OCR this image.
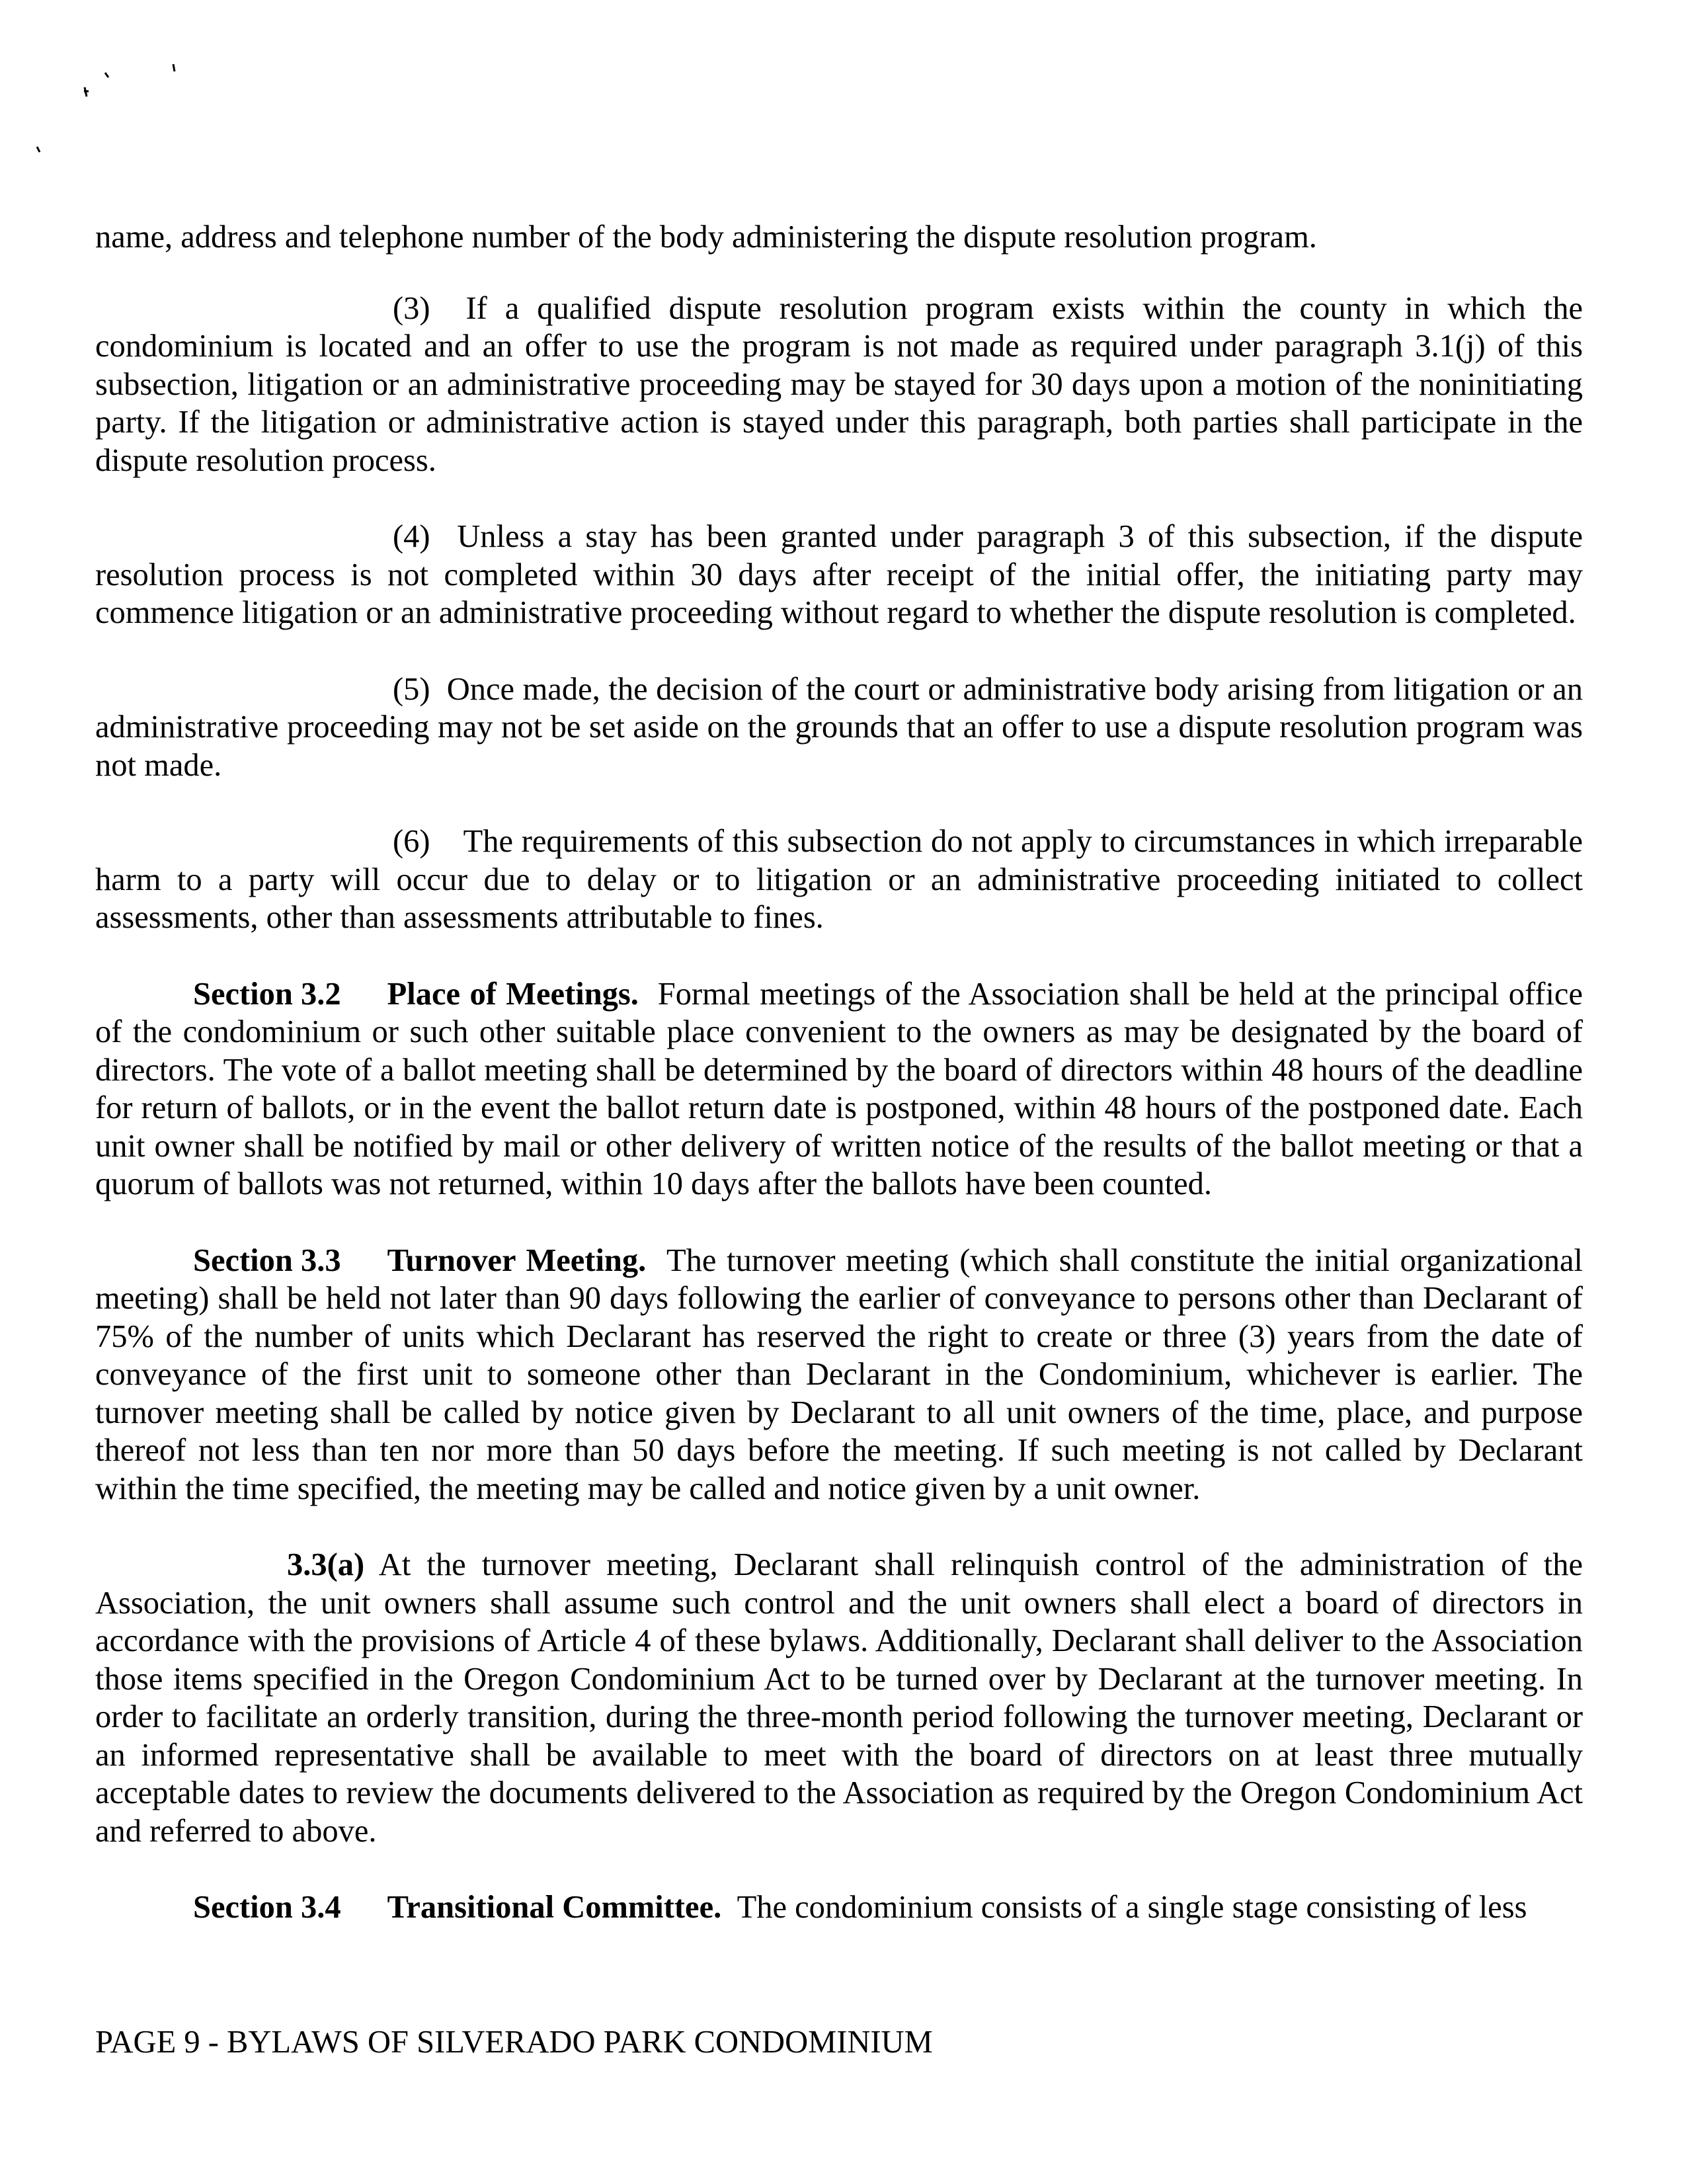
name, address and telephone number of the body administering the dispute resolution program.

(3) If a qualified dispute resolution program exists within the county in which the condominium is located and an offer to use the program is not made as required under paragraph 3.1(j) of this subsection, litigation or an administrative proceeding may be stayed for 30 days upon a motion of the noninitiating party. If the litigation or administrative action is stayed under this paragraph, both parties shall participate in the dispute resolution process.

(4) Unless a stay has been granted under paragraph 3 of this subsection, if the dispute resolution process is not completed within 30 days after receipt of the initial offer, the initiating party may commence litigation or an administrative proceeding without regard to whether the dispute resolution is completed.

(5) Once made, the decision of the court or administrative body arising from litigation or an administrative proceeding may not be set aside on the grounds that an offer to use a dispute resolution program was not made.

(6) The requirements of this subsection do not apply to circumstances in which irreparable harm to a party will occur due to delay or to litigation or an administrative proceeding initiated to collect assessments, other than assessments attributable to fines.

Section 3.2 Place of Meetings. Formal meetings of the Association shall be held at the principal office of the condominium or such other suitable place convenient to the owners as may be designated by the board of directors. The vote of a ballot meeting shall be determined by the board of directors within 48 hours of the deadline for return of ballots, or in the event the ballot return date is postponed, within 48 hours of the postponed date. Each unit owner shall be notified by mail or other delivery of written notice of the results of the ballot meeting or that a quorum of ballots was not returned, within 10 days after the ballots have been counted.

Section 3.3 Turnover Meeting. The turnover meeting (which shall constitute the initial organizational meeting) shall be held not later than 90 days following the earlier of conveyance to persons other than Declarant of 75% of the number of units which Declarant has reserved the right to create or three (3) years from the date of conveyance of the first unit to someone other than Declarant in the Condominium, whichever is earlier. The turnover meeting shall be called by notice given by Declarant to all unit owners of the time, place, and purpose thereof not less than ten nor more than 50 days before the meeting. If such meeting is not called by Declarant within the time specified, the meeting may be called and notice given by a unit owner.

3.3(a) At the turnover meeting, Declarant shall relinquish control of the administration of the Association, the unit owners shall assume such control and the unit owners shall elect a board of directors in accordance with the provisions of Article 4 of these bylaws. Additionally, Declarant shall deliver to the Association those items specified in the Oregon Condominium Act to be turned over by Declarant at the turnover meeting. In order to facilitate an orderly transition, during the three-month period following the turnover meeting, Declarant or an informed representative shall be available to meet with the board of directors on at least three mutually acceptable dates to review the documents delivered to the Association as required by the Oregon Condominium Act and referred to above.

Section 3.4 Transitional Committee. The condominium consists of a single stage consisting of less

PAGE 9 - BYLAWS OF SILVERADO PARK CONDOMINIUM
